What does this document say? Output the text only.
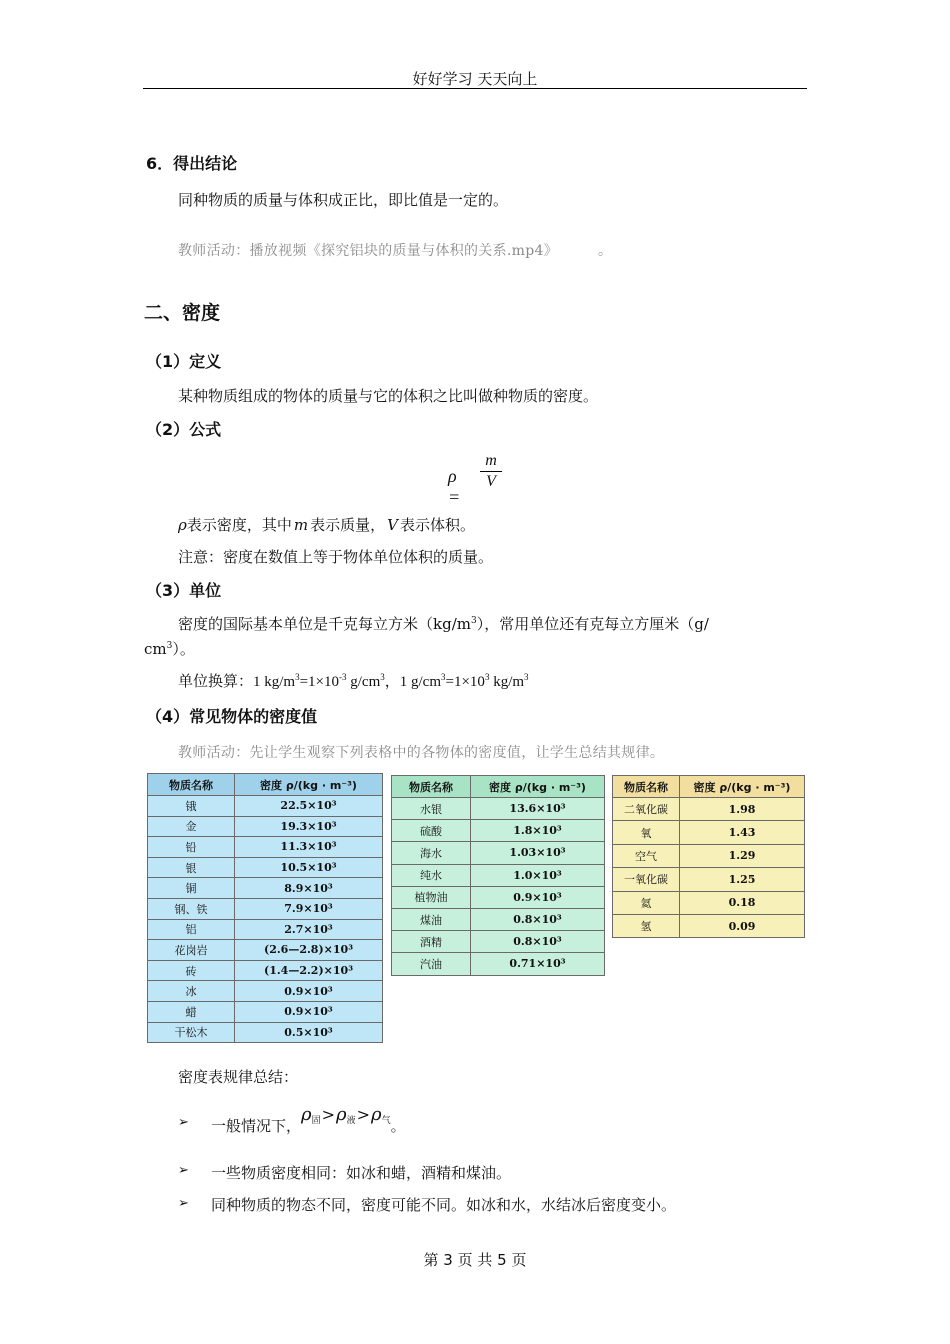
好好学习 天天向上
6．得出结论
同种物质的质量与体积成正比，即比值是一定的。
教师活动：播放视频《探究铝块的质量与体积的关系.mp4》	。
二、密度
（1）定义
某种物质组成的物体的质量与它的体积之比叫做种物质的密度。
（2）公式
ρ =
m
V
ρ表示密度，其中 m 表示质量， V 表示体积。
注意：密度在数值上等于物体单位体积的质量。
（3）单位
密度的国际基本单位是千克每立方米$(kg/m^3)$，常用单位还有克每立方厘米（g/
$cm^3$）。
单位换算：1 $kg/m^3=1\times 10^{-3}$ $g/cm^3$，1 $g/cm^3=1\times 10^3$ $kg/m^3$
（4）常见物体的密度值
教师活动：先让学生观察下列表格中的各物体的密度值，让学生总结其规律。
物质名称	密度 ρ/(kg · m⁻³)
锇	22.5×10³
金	19.3×10³
铅	11.3×10³
银	10.5×10³
铜	8.9×10³
钢、铁	7.9×10³
铝	2.7×10³
花岗岩	(2.6—2.8)×10³
砖	(1.4—2.2)×10³
冰	0.9×10³
蜡	0.9×10³
干松木	0.5×10³
物质名称	密度 ρ/(kg · m⁻³)
水银	13.6×10³
硫酸	1.8×10³
海水	1.03×10³
纯水	1.0×10³
植物油	0.9×10³
煤油	0.8×10³
酒精	0.8×10³
汽油	0.71×10³
物质名称	密度 ρ/(kg · m⁻³)
二氧化碳	1.98
氧	1.43
空气	1.29
一氧化碳	1.25
氦	0.18
氢	0.09
密度表规律总结：
➢ 一般情况下，$\rho_固>\rho_液>\rho_气$。
➢ 一些物质密度相同：如冰和蜡，酒精和煤油。
➢ 同种物质的物态不同，密度可能不同。如冰和水，水结冰后密度变小。
第 3 页 共 5 页
